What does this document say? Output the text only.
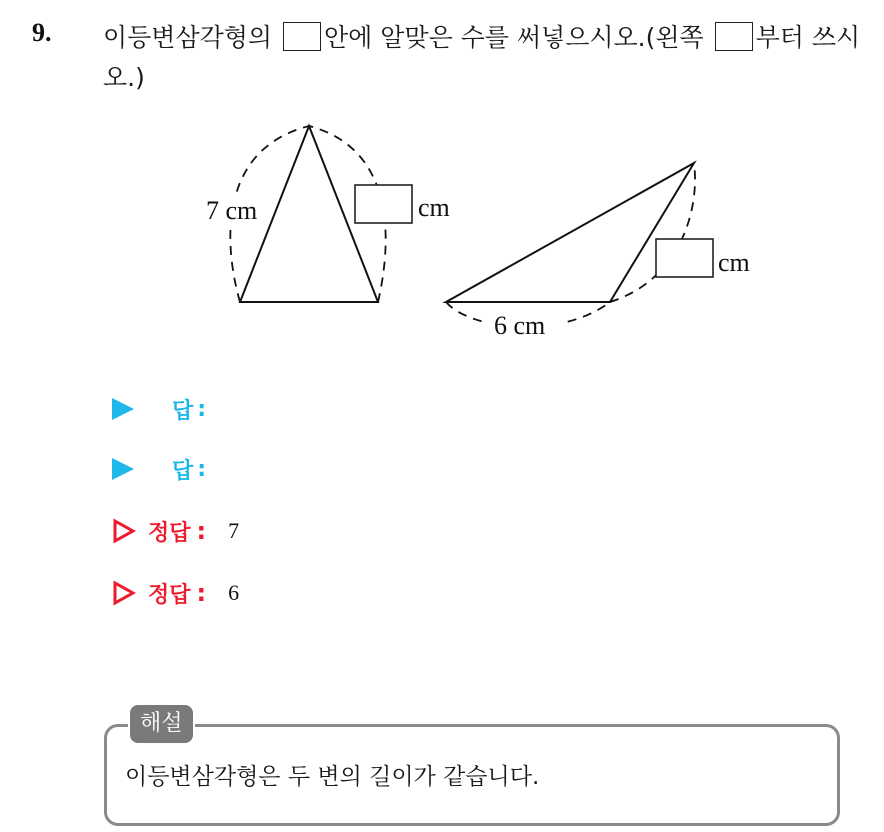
9. 이등변삼각형의 안에 알맞은 수를 써넣으시오.(왼쪽 부터 쓰시오.)
7 cm	cm
6 cm
cm
답 :
답 :
정답 : 7
정답 : 6
해설
이등변삼각형은 두 변의 길이가 같습니다.
